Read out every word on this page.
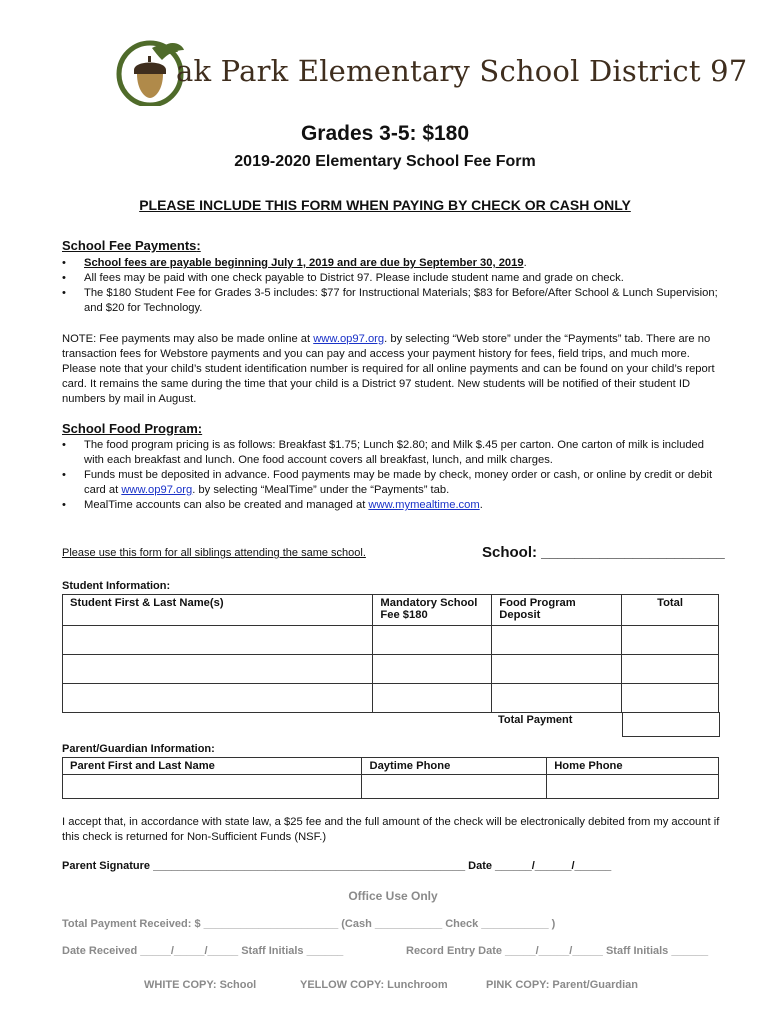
ak Park Elementary School District 97
Grades 3-5: $180
2019-2020 Elementary School Fee Form
PLEASE INCLUDE THIS FORM WHEN PAYING BY CHECK OR CASH ONLY
School Fee Payments:
• School fees are payable beginning July 1, 2019 and are due by September 30, 2019.
• All fees may be paid with one check payable to District 97. Please include student name and grade on check.
• The $180 Student Fee for Grades 3-5 includes: $77 for Instructional Materials; $83 for Before/After School & Lunch Supervision; and $20 for Technology.
NOTE: Fee payments may also be made online at www.op97.org. by selecting “Web store” under the “Payments” tab. There are no transaction fees for Webstore payments and you can pay and access your payment history for fees, field trips, and much more. Please note that your child’s student identification number is required for all online payments and can be found on your child’s report card. It remains the same during the time that your child is a District 97 student. New students will be notified of their student ID numbers by mail in August.
School Food Program:
• The food program pricing is as follows: Breakfast $1.75; Lunch $2.80; and Milk $.45 per carton. One carton of milk is included with each breakfast and lunch. One food account covers all breakfast, lunch, and milk charges.
• Funds must be deposited in advance. Food payments may be made by check, money order or cash, or online by credit or debit card at www.op97.org. by selecting “MealTime” under the “Payments” tab.
• MealTime accounts can also be created and managed at www.mymealtime.com.
Please use this form for all siblings attending the same school.	School: ______________________
Student Information:
Student First & Last Name(s)	Mandatory School Fee $180	Food Program Deposit	Total

Total Payment
Parent/Guardian Information:
Parent First and Last Name	Daytime Phone	Home Phone

I accept that, in accordance with state law, a $25 fee and the full amount of the check will be electronically debited from my account if this check is returned for Non-Sufficient Funds (NSF.)
Parent Signature ___________________________________________________ Date ______/______/______
Office Use Only
Total Payment Received: $ ______________________ (Cash ___________ Check ___________ )
Date Received _____/_____/_____ Staff Initials ______	Record Entry Date _____/_____/_____ Staff Initials ______
WHITE COPY: School	YELLOW COPY: Lunchroom	PINK COPY: Parent/Guardian
